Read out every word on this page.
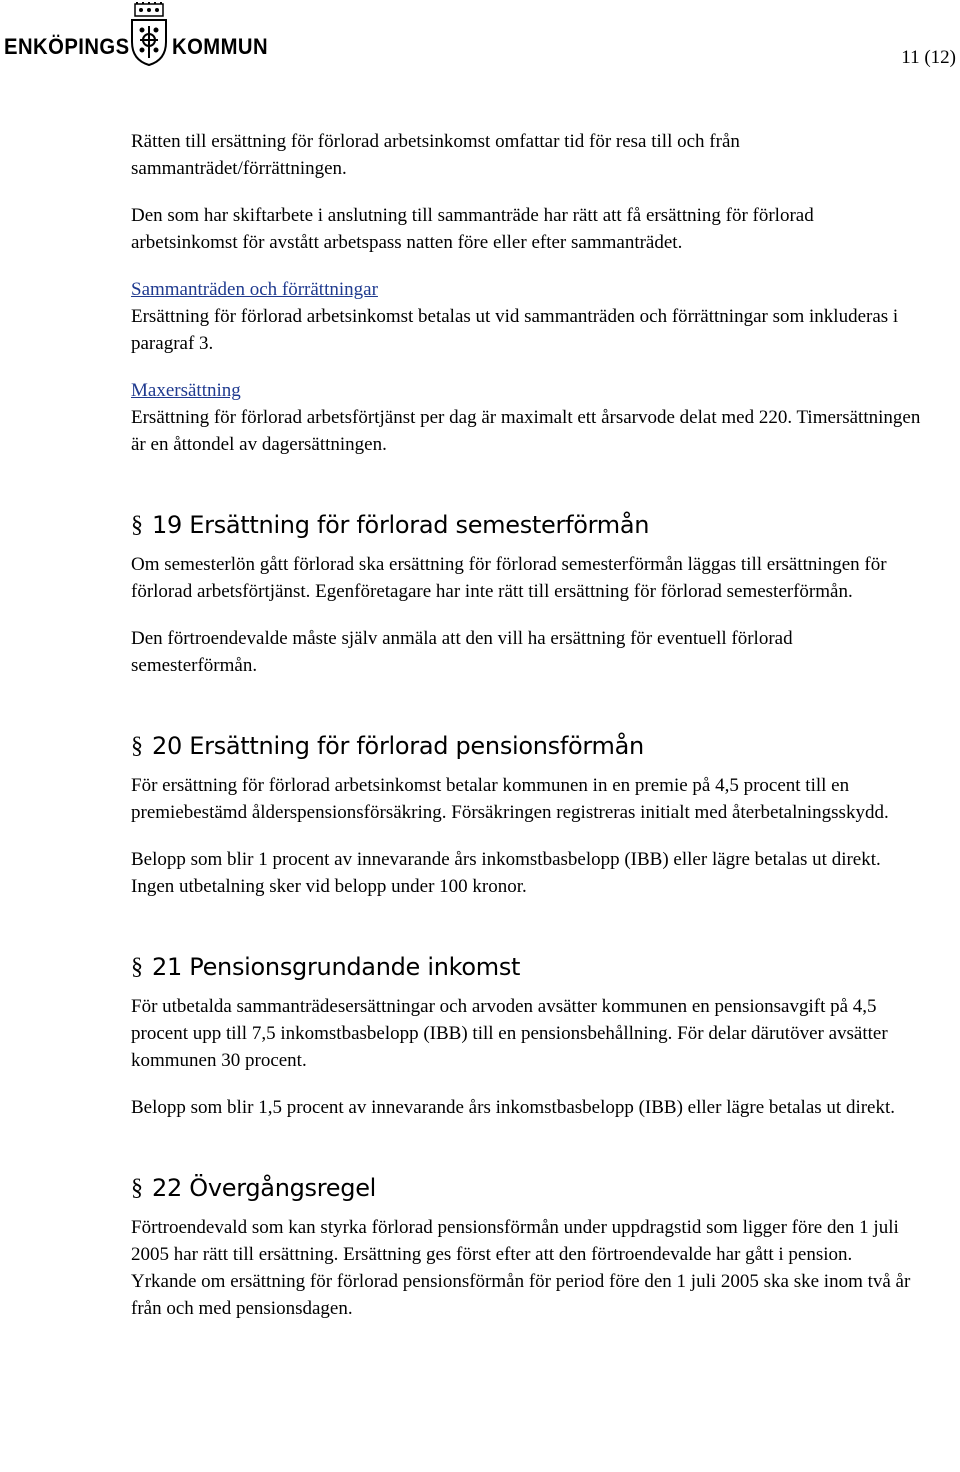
ENKÖPINGS KOMMUN	11 (12)

Rätten till ersättning för förlorad arbetsinkomst omfattar tid för resa till och från sammanträdet/förrättningen.

Den som har skiftarbete i anslutning till sammanträde har rätt att få ersättning för förlorad arbetsinkomst för avstått arbetspass natten före eller efter sammanträdet.

Sammanträden och förrättningar
Ersättning för förlorad arbetsinkomst betalas ut vid sammanträden och förrättningar som inkluderas i paragraf 3.

Maxersättning
Ersättning för förlorad arbetsförtjänst per dag är maximalt ett årsarvode delat med 220. Timersättningen är en åttondel av dagersättningen.

§ 19 Ersättning för förlorad semesterförmån

Om semesterlön gått förlorad ska ersättning för förlorad semesterförmån läggas till ersättningen för förlorad arbetsförtjänst. Egenföretagare har inte rätt till ersättning för förlorad semesterförmån.

Den förtroendevalde måste själv anmäla att den vill ha ersättning för eventuell förlorad semesterförmån.

§ 20 Ersättning för förlorad pensionsförmån

För ersättning för förlorad arbetsinkomst betalar kommunen in en premie på 4,5 procent till en premiebestämd ålderspensionsförsäkring. Försäkringen registreras initialt med återbetalningsskydd.

Belopp som blir 1 procent av innevarande års inkomstbasbelopp (IBB) eller lägre betalas ut direkt. Ingen utbetalning sker vid belopp under 100 kronor.

§ 21 Pensionsgrundande inkomst

För utbetalda sammanträdesersättningar och arvoden avsätter kommunen en pensionsavgift på 4,5 procent upp till 7,5 inkomstbasbelopp (IBB) till en pensionsbehållning. För delar därutöver avsätter kommunen 30 procent.

Belopp som blir 1,5 procent av innevarande års inkomstbasbelopp (IBB) eller lägre betalas ut direkt.

§ 22 Övergångsregel

Förtroendevald som kan styrka förlorad pensionsförmån under uppdragstid som ligger före den 1 juli 2005 har rätt till ersättning. Ersättning ges först efter att den förtroendevalde har gått i pension. Yrkande om ersättning för förlorad pensionsförmån för period före den 1 juli 2005 ska ske inom två år från och med pensionsdagen.
